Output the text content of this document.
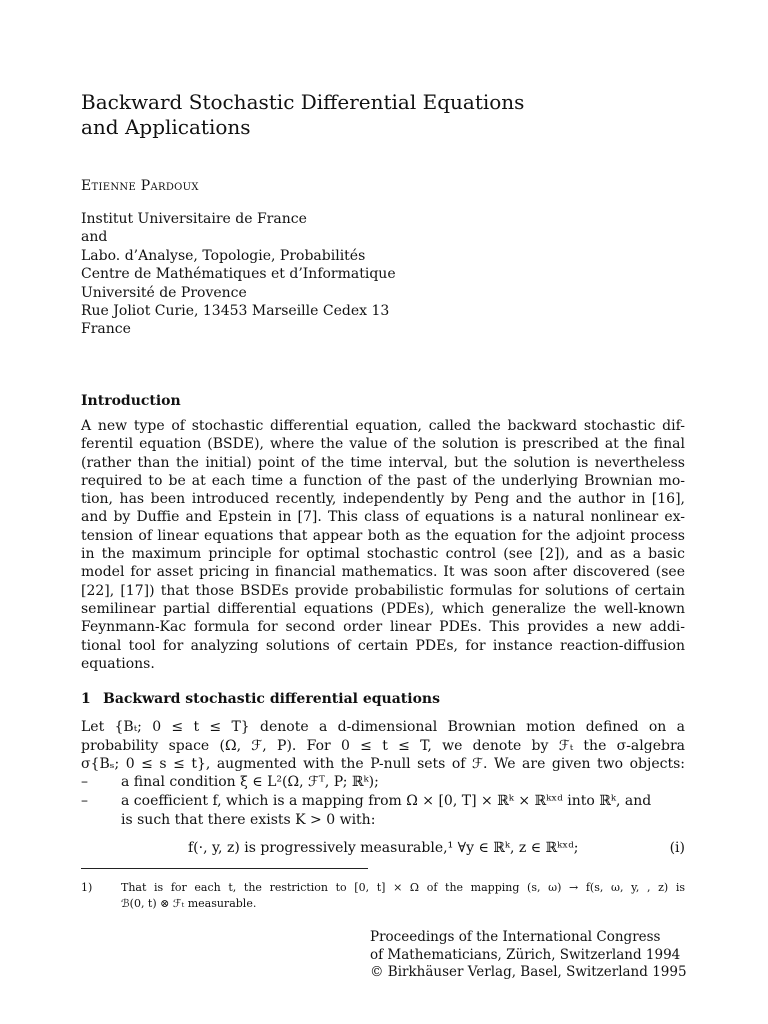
Backward Stochastic Differential Equations
and Applications
Etienne Pardoux
Institut Universitaire de France
and
Labo. d’Analyse, Topologie, Probabilités
Centre de Mathématiques et d’Informatique
Université de Provence
Rue Joliot Curie, 13453 Marseille Cedex 13
France
Introduction
A new type of stochastic differential equation, called the backward stochastic dif-
ferentil equation (BSDE), where the value of the solution is prescribed at the final
(rather than the initial) point of the time interval, but the solution is nevertheless
required to be at each time a function of the past of the underlying Brownian mo-
tion, has been introduced recently, independently by Peng and the author in [16],
and by Duffie and Epstein in [7]. This class of equations is a natural nonlinear ex-
tension of linear equations that appear both as the equation for the adjoint process
in the maximum principle for optimal stochastic control (see [2]), and as a basic
model for asset pricing in financial mathematics. It was soon after discovered (see
[22], [17]) that those BSDEs provide probabilistic formulas for solutions of certain
semilinear partial differential equations (PDEs), which generalize the well-known
Feynmann-Kac formula for second order linear PDEs. This provides a new addi-
tional tool for analyzing solutions of certain PDEs, for instance reaction-diffusion
equations.
1 Backward stochastic differential equations
Let {Bₜ; 0 ≤ t ≤ T} denote a d-dimensional Brownian motion defined on a
probability space (Ω, ℱ, P). For 0 ≤ t ≤ T, we denote by ℱₜ the σ-algebra
σ{Bₛ; 0 ≤ s ≤ t}, augmented with the P-null sets of ℱ. We are given two objects:
– a final condition ξ ∈ L²(Ω, ℱᵀ, P; ℝᵏ);
– a coefficient f, which is a mapping from Ω × [0, T] × ℝᵏ × ℝᵏˣᵈ into ℝᵏ, and
is such that there exists K > 0 with:
f(·, y, z) is progressively measurable,¹ ∀y ∈ ℝᵏ, z ∈ ℝᵏˣᵈ;	(i)
1)	That is for each t, the restriction to [0, t] × Ω of the mapping (s, ω) → f(s, ω, y, , z) is
ℬ(0, t) ⊗ ℱₜ measurable.
Proceedings of the International Congress
of Mathematicians, Zürich, Switzerland 1994
© Birkhäuser Verlag, Basel, Switzerland 1995
